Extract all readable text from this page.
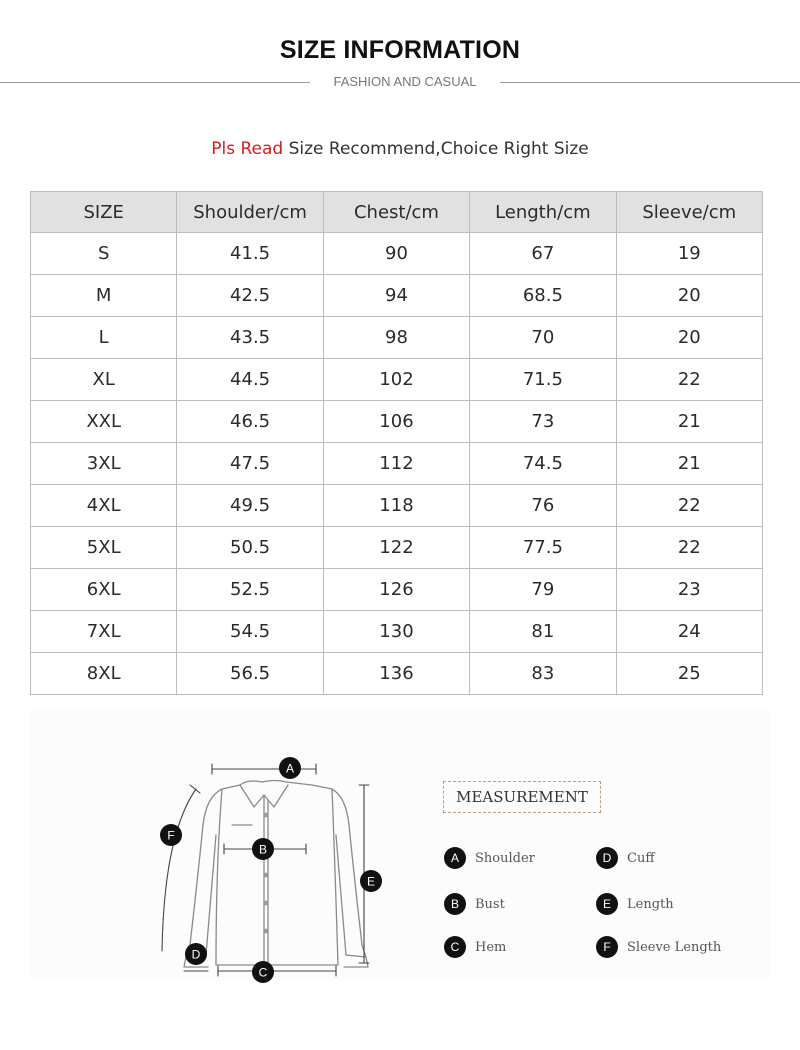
SIZE INFORMATION
FASHION AND CASUAL
Pls Read Size Recommend,Choice Right Size
SIZE	Shoulder/cm	Chest/cm	Length/cm	Sleeve/cm
S	41.5	90	67	19
M	42.5	94	68.5	20
L	43.5	98	70	20
XL	44.5	102	71.5	22
XXL	46.5	106	73	21
3XL	47.5	112	74.5	21
4XL	49.5	118	76	22
5XL	50.5	122	77.5	22
6XL	52.5	126	79	23
7XL	54.5	130	81	24
8XL	56.5	136	83	25
A
B
C
D
E
F
MEASUREMENT
A	Shoulder	D	Cuff
B	Bust	E	Length
C	Hem	F	Sleeve Length
